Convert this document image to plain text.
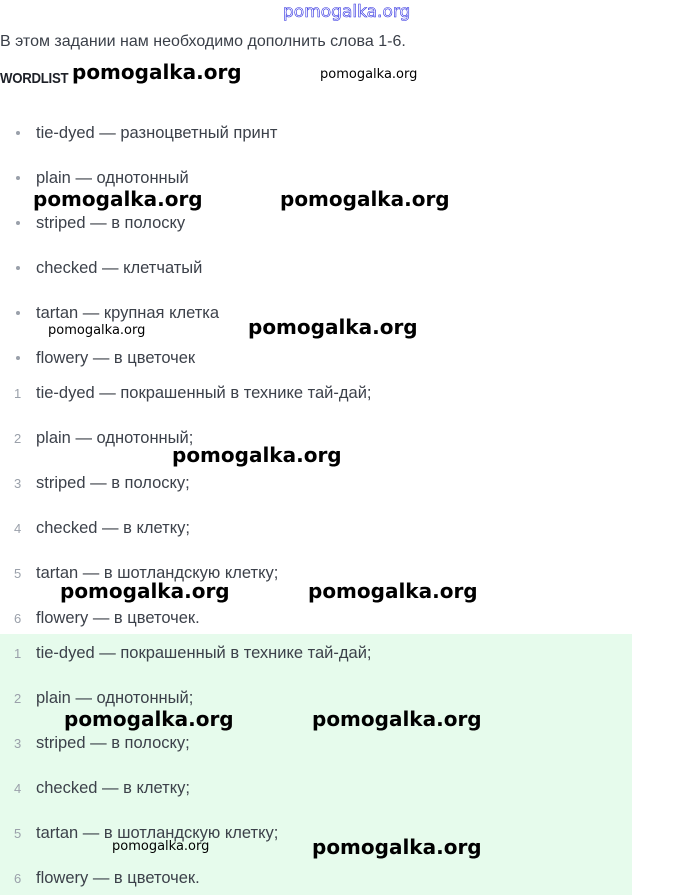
pomogalka.org
В этом задании нам необходимо дополнить слова 1-6.
WORDLIST
tie-dyed — разноцветный принт
plain — однотонный
striped — в полоску
checked — клетчатый
tartan — крупная клетка
flowery — в цветочек
1 tie-dyed — покрашенный в технике тай-дай;
2 plain — однотонный;
3 striped — в полоску;
4 checked — в клетку;
5 tartan — в шотландскую клетку;
6 flowery — в цветочек.
1 tie-dyed — покрашенный в технике тай-дай;
2 plain — однотонный;
3 striped — в полоску;
4 checked — в клетку;
5 tartan — в шотландскую клетку;
6 flowery — в цветочек.
pomogalka.org	pomogalka.org
pomogalka.org	pomogalka.org
pomogalka.org	pomogalka.org
pomogalka.org
pomogalka.org	pomogalka.org
pomogalka.org	pomogalka.org
pomogalka.org	pomogalka.org
